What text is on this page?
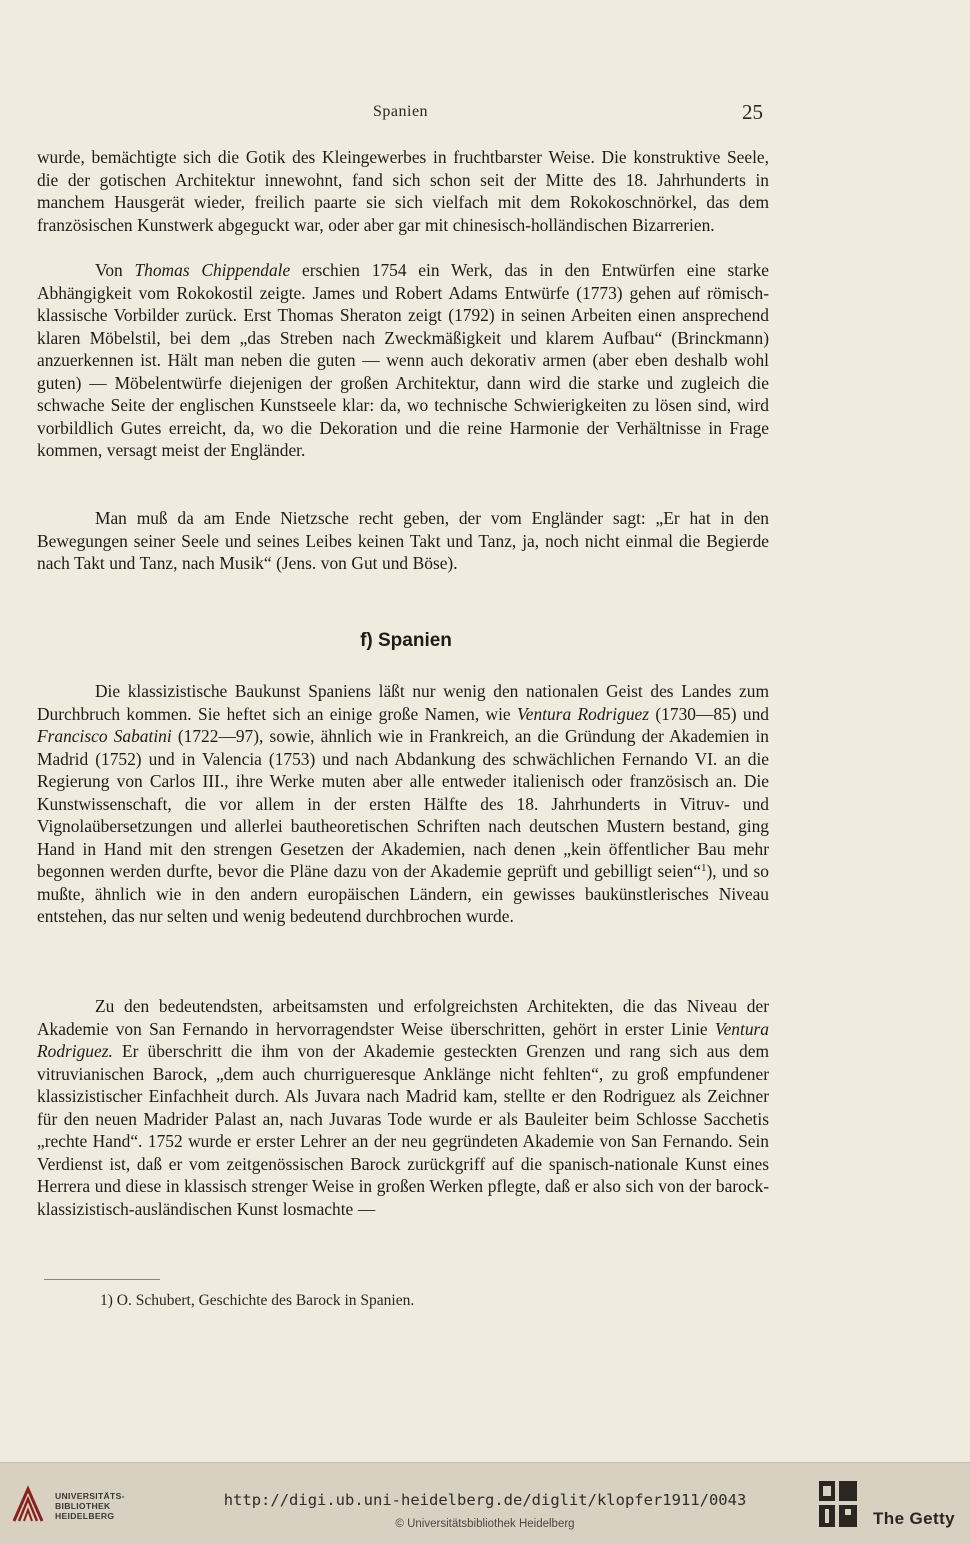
Spanien	25

wurde, bemächtigte sich die Gotik des Kleingewerbes in fruchtbarster Weise. Die konstruktive Seele, die der gotischen Architektur innewohnt, fand sich schon seit der Mitte des 18. Jahrhunderts in manchem Hausgerät wieder, freilich paarte sie sich vielfach mit dem Rokokoschnörkel, das dem französischen Kunstwerk abgeguckt war, oder aber gar mit chinesisch-holländischen Bizarrerien.

Von Thomas Chippendale erschien 1754 ein Werk, das in den Entwürfen eine starke Abhängigkeit vom Rokokostil zeigte. James und Robert Adams Entwürfe (1773) gehen auf römisch-klassische Vorbilder zurück. Erst Thomas Sheraton zeigt (1792) in seinen Arbeiten einen ansprechend klaren Möbelstil, bei dem „das Streben nach Zweckmäßigkeit und klarem Aufbau“ (Brinckmann) anzuerkennen ist. Hält man neben die guten — wenn auch dekorativ armen (aber eben deshalb wohl guten) — Möbelentwürfe diejenigen der großen Architektur, dann wird die starke und zugleich die schwache Seite der englischen Kunstseele klar: da, wo technische Schwierigkeiten zu lösen sind, wird vorbildlich Gutes erreicht, da, wo die Dekoration und die reine Harmonie der Verhältnisse in Frage kommen, versagt meist der Engländer.

Man muß da am Ende Nietzsche recht geben, der vom Engländer sagt: „Er hat in den Bewegungen seiner Seele und seines Leibes keinen Takt und Tanz, ja, noch nicht einmal die Begierde nach Takt und Tanz, nach Musik“ (Jens. von Gut und Böse).

f) Spanien

Die klassizistische Baukunst Spaniens läßt nur wenig den nationalen Geist des Landes zum Durchbruch kommen. Sie heftet sich an einige große Namen, wie Ventura Rodriguez (1730—85) und Francisco Sabatini (1722—97), sowie, ähnlich wie in Frankreich, an die Gründung der Akademien in Madrid (1752) und in Valencia (1753) und nach Abdankung des schwächlichen Fernando VI. an die Regierung von Carlos III., ihre Werke muten aber alle entweder italienisch oder französisch an. Die Kunstwissenschaft, die vor allem in der ersten Hälfte des 18. Jahrhunderts in Vitruv- und Vignolaübersetzungen und allerlei bautheoretischen Schriften nach deutschen Mustern bestand, ging Hand in Hand mit den strengen Gesetzen der Akademien, nach denen „kein öffentlicher Bau mehr begonnen werden durfte, bevor die Pläne dazu von der Akademie geprüft und gebilligt seien“$^1$), und so mußte, ähnlich wie in den andern europäischen Ländern, ein gewisses baukünstlerisches Niveau entstehen, das nur selten und wenig bedeutend durchbrochen wurde.

Zu den bedeutendsten, arbeitsamsten und erfolgreichsten Architekten, die das Niveau der Akademie von San Fernando in hervorragendster Weise überschritten, gehört in erster Linie Ventura Rodriguez. Er überschritt die ihm von der Akademie gesteckten Grenzen und rang sich aus dem vitruvianischen Barock, „dem auch churrigueresque Anklänge nicht fehlten“, zu groß empfundener klassizistischer Einfachheit durch. Als Juvara nach Madrid kam, stellte er den Rodriguez als Zeichner für den neuen Madrider Palast an, nach Juvaras Tode wurde er als Bauleiter beim Schlosse Sacchetis „rechte Hand“. 1752 wurde er erster Lehrer an der neu gegründeten Akademie von San Fernando. Sein Verdienst ist, daß er vom zeitgenössischen Barock zurückgriff auf die spanisch-nationale Kunst eines Herrera und diese in klassisch strenger Weise in großen Werken pflegte, daß er also sich von der barock-klassizistisch-ausländischen Kunst losmachte —

1) O. Schubert, Geschichte des Barock in Spanien.
UNIVERSITÄTS-
BIBLIOTHEK
HEIDELBERG
http://digi.ub.uni-heidelberg.de/diglit/klopfer1911/0043
© Universitätsbibliothek Heidelberg	The Getty
